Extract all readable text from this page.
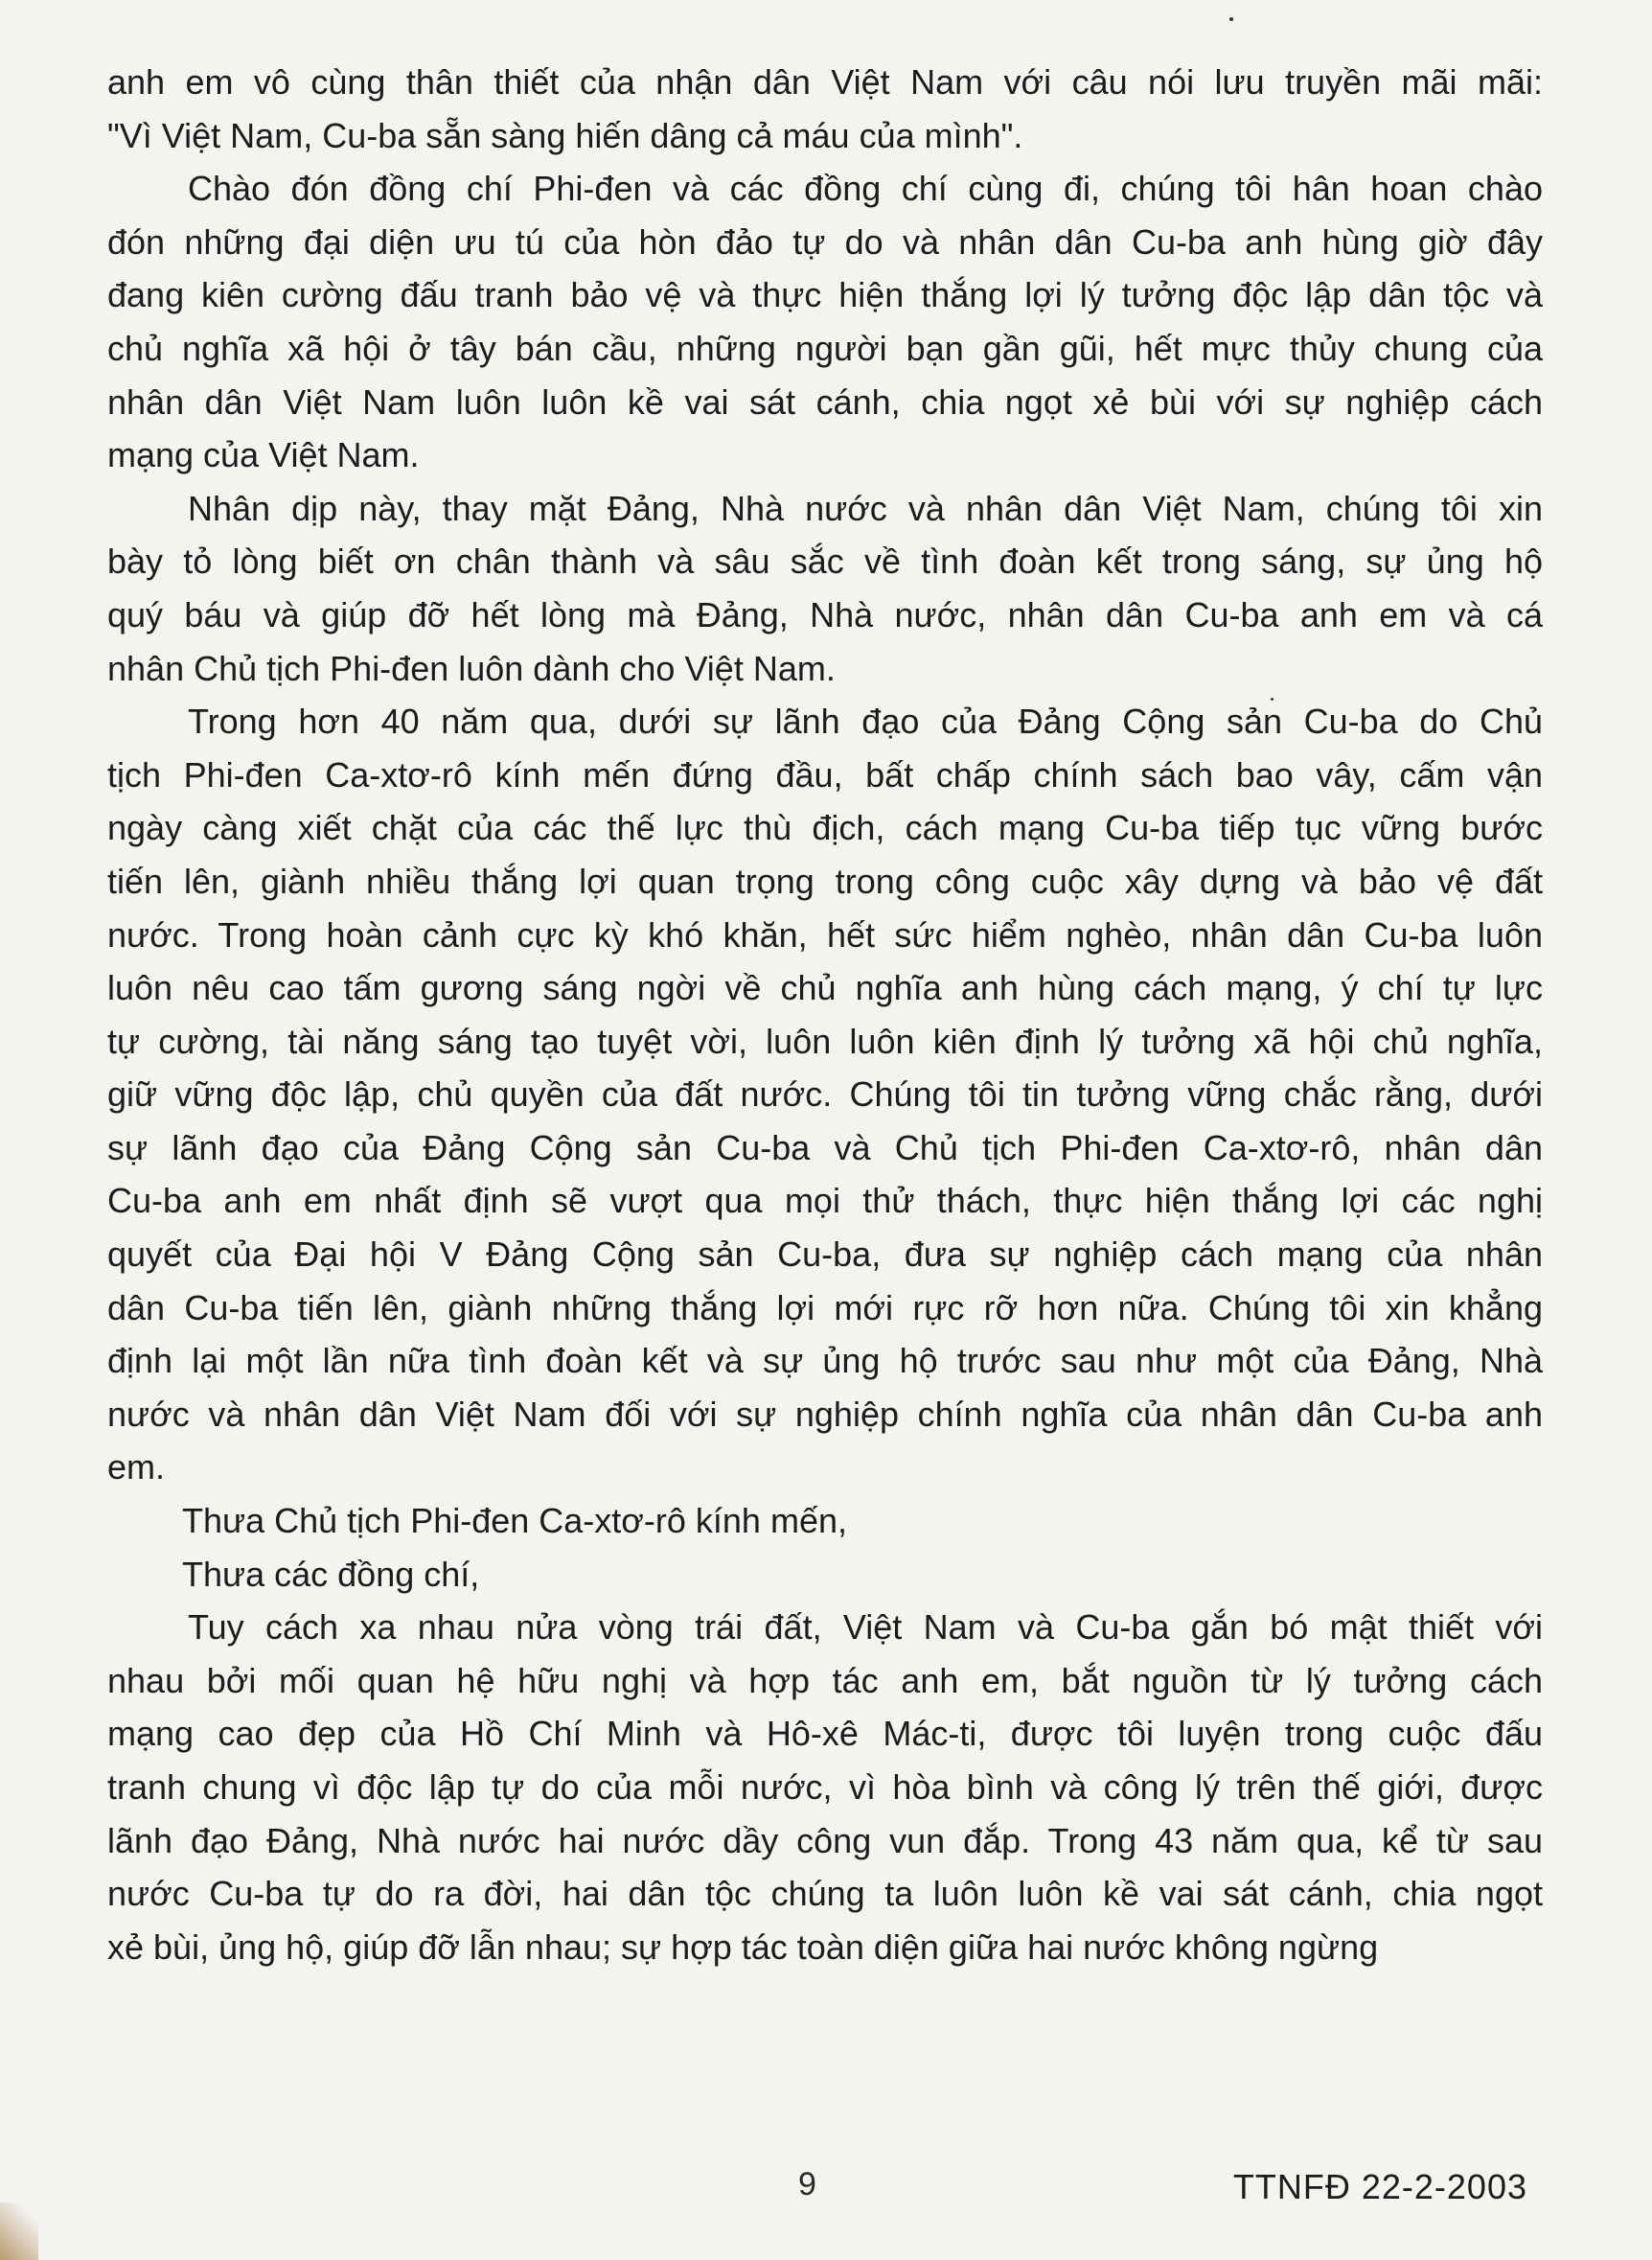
anh em vô cùng thân thiết của nhận dân Việt Nam với câu nói lưu truyền mãi mãi:
"Vì Việt Nam, Cu-ba sẵn sàng hiến dâng cả máu của mình".
Chào đón đồng chí Phi-đen và các đồng chí cùng đi, chúng tôi hân hoan chào
đón những đại diện ưu tú của hòn đảo tự do và nhân dân Cu-ba anh hùng giờ đây
đang kiên cường đấu tranh bảo vệ và thực hiện thắng lợi lý tưởng độc lập dân tộc và
chủ nghĩa xã hội ở tây bán cầu, những người bạn gần gũi, hết mực thủy chung của
nhân dân Việt Nam luôn luôn kề vai sát cánh, chia ngọt xẻ bùi với sự nghiệp cách
mạng của Việt Nam.
Nhân dịp này, thay mặt Đảng, Nhà nước và nhân dân Việt Nam, chúng tôi xin
bày tỏ lòng biết ơn chân thành và sâu sắc về tình đoàn kết trong sáng, sự ủng hộ
quý báu và giúp đỡ hết lòng mà Đảng, Nhà nước, nhân dân Cu-ba anh em và cá
nhân Chủ tịch Phi-đen luôn dành cho Việt Nam.
Trong hơn 40 năm qua, dưới sự lãnh đạo của Đảng Cộng sản Cu-ba do Chủ
tịch Phi-đen Ca-xtơ-rô kính mến đứng đầu, bất chấp chính sách bao vây, cấm vận
ngày càng xiết chặt của các thế lực thù địch, cách mạng Cu-ba tiếp tục vững bước
tiến lên, giành nhiều thắng lợi quan trọng trong công cuộc xây dựng và bảo vệ đất
nước. Trong hoàn cảnh cực kỳ khó khăn, hết sức hiểm nghèo, nhân dân Cu-ba luôn
luôn nêu cao tấm gương sáng ngời về chủ nghĩa anh hùng cách mạng, ý chí tự lực
tự cường, tài năng sáng tạo tuyệt vời, luôn luôn kiên định lý tưởng xã hội chủ nghĩa,
giữ vững độc lập, chủ quyền của đất nước. Chúng tôi tin tưởng vững chắc rằng, dưới
sự lãnh đạo của Đảng Cộng sản Cu-ba và Chủ tịch Phi-đen Ca-xtơ-rô, nhân dân
Cu-ba anh em nhất định sẽ vượt qua mọi thử thách, thực hiện thắng lợi các nghị
quyết của Đại hội V Đảng Cộng sản Cu-ba, đưa sự nghiệp cách mạng của nhân
dân Cu-ba tiến lên, giành những thắng lợi mới rực rỡ hơn nữa. Chúng tôi xin khẳng
định lại một lần nữa tình đoàn kết và sự ủng hộ trước sau như một của Đảng, Nhà
nước và nhân dân Việt Nam đối với sự nghiệp chính nghĩa của nhân dân Cu-ba anh
em.
Thưa Chủ tịch Phi-đen Ca-xtơ-rô kính mến,
Thưa các đồng chí,
Tuy cách xa nhau nửa vòng trái đất, Việt Nam và Cu-ba gắn bó mật thiết với
nhau bởi mối quan hệ hữu nghị và hợp tác anh em, bắt nguồn từ lý tưởng cách
mạng cao đẹp của Hồ Chí Minh và Hô-xê Mác-ti, được tôi luyện trong cuộc đấu
tranh chung vì độc lập tự do của mỗi nước, vì hòa bình và công lý trên thế giới, được
lãnh đạo Đảng, Nhà nước hai nước dầy công vun đắp. Trong 43 năm qua, kể từ sau
nước Cu-ba tự do ra đời, hai dân tộc chúng ta luôn luôn kề vai sát cánh, chia ngọt
xẻ bùi, ủng hộ, giúp đỡ lẫn nhau; sự hợp tác toàn diện giữa hai nước không ngừng
9	TTNFĐ 22-2-2003
